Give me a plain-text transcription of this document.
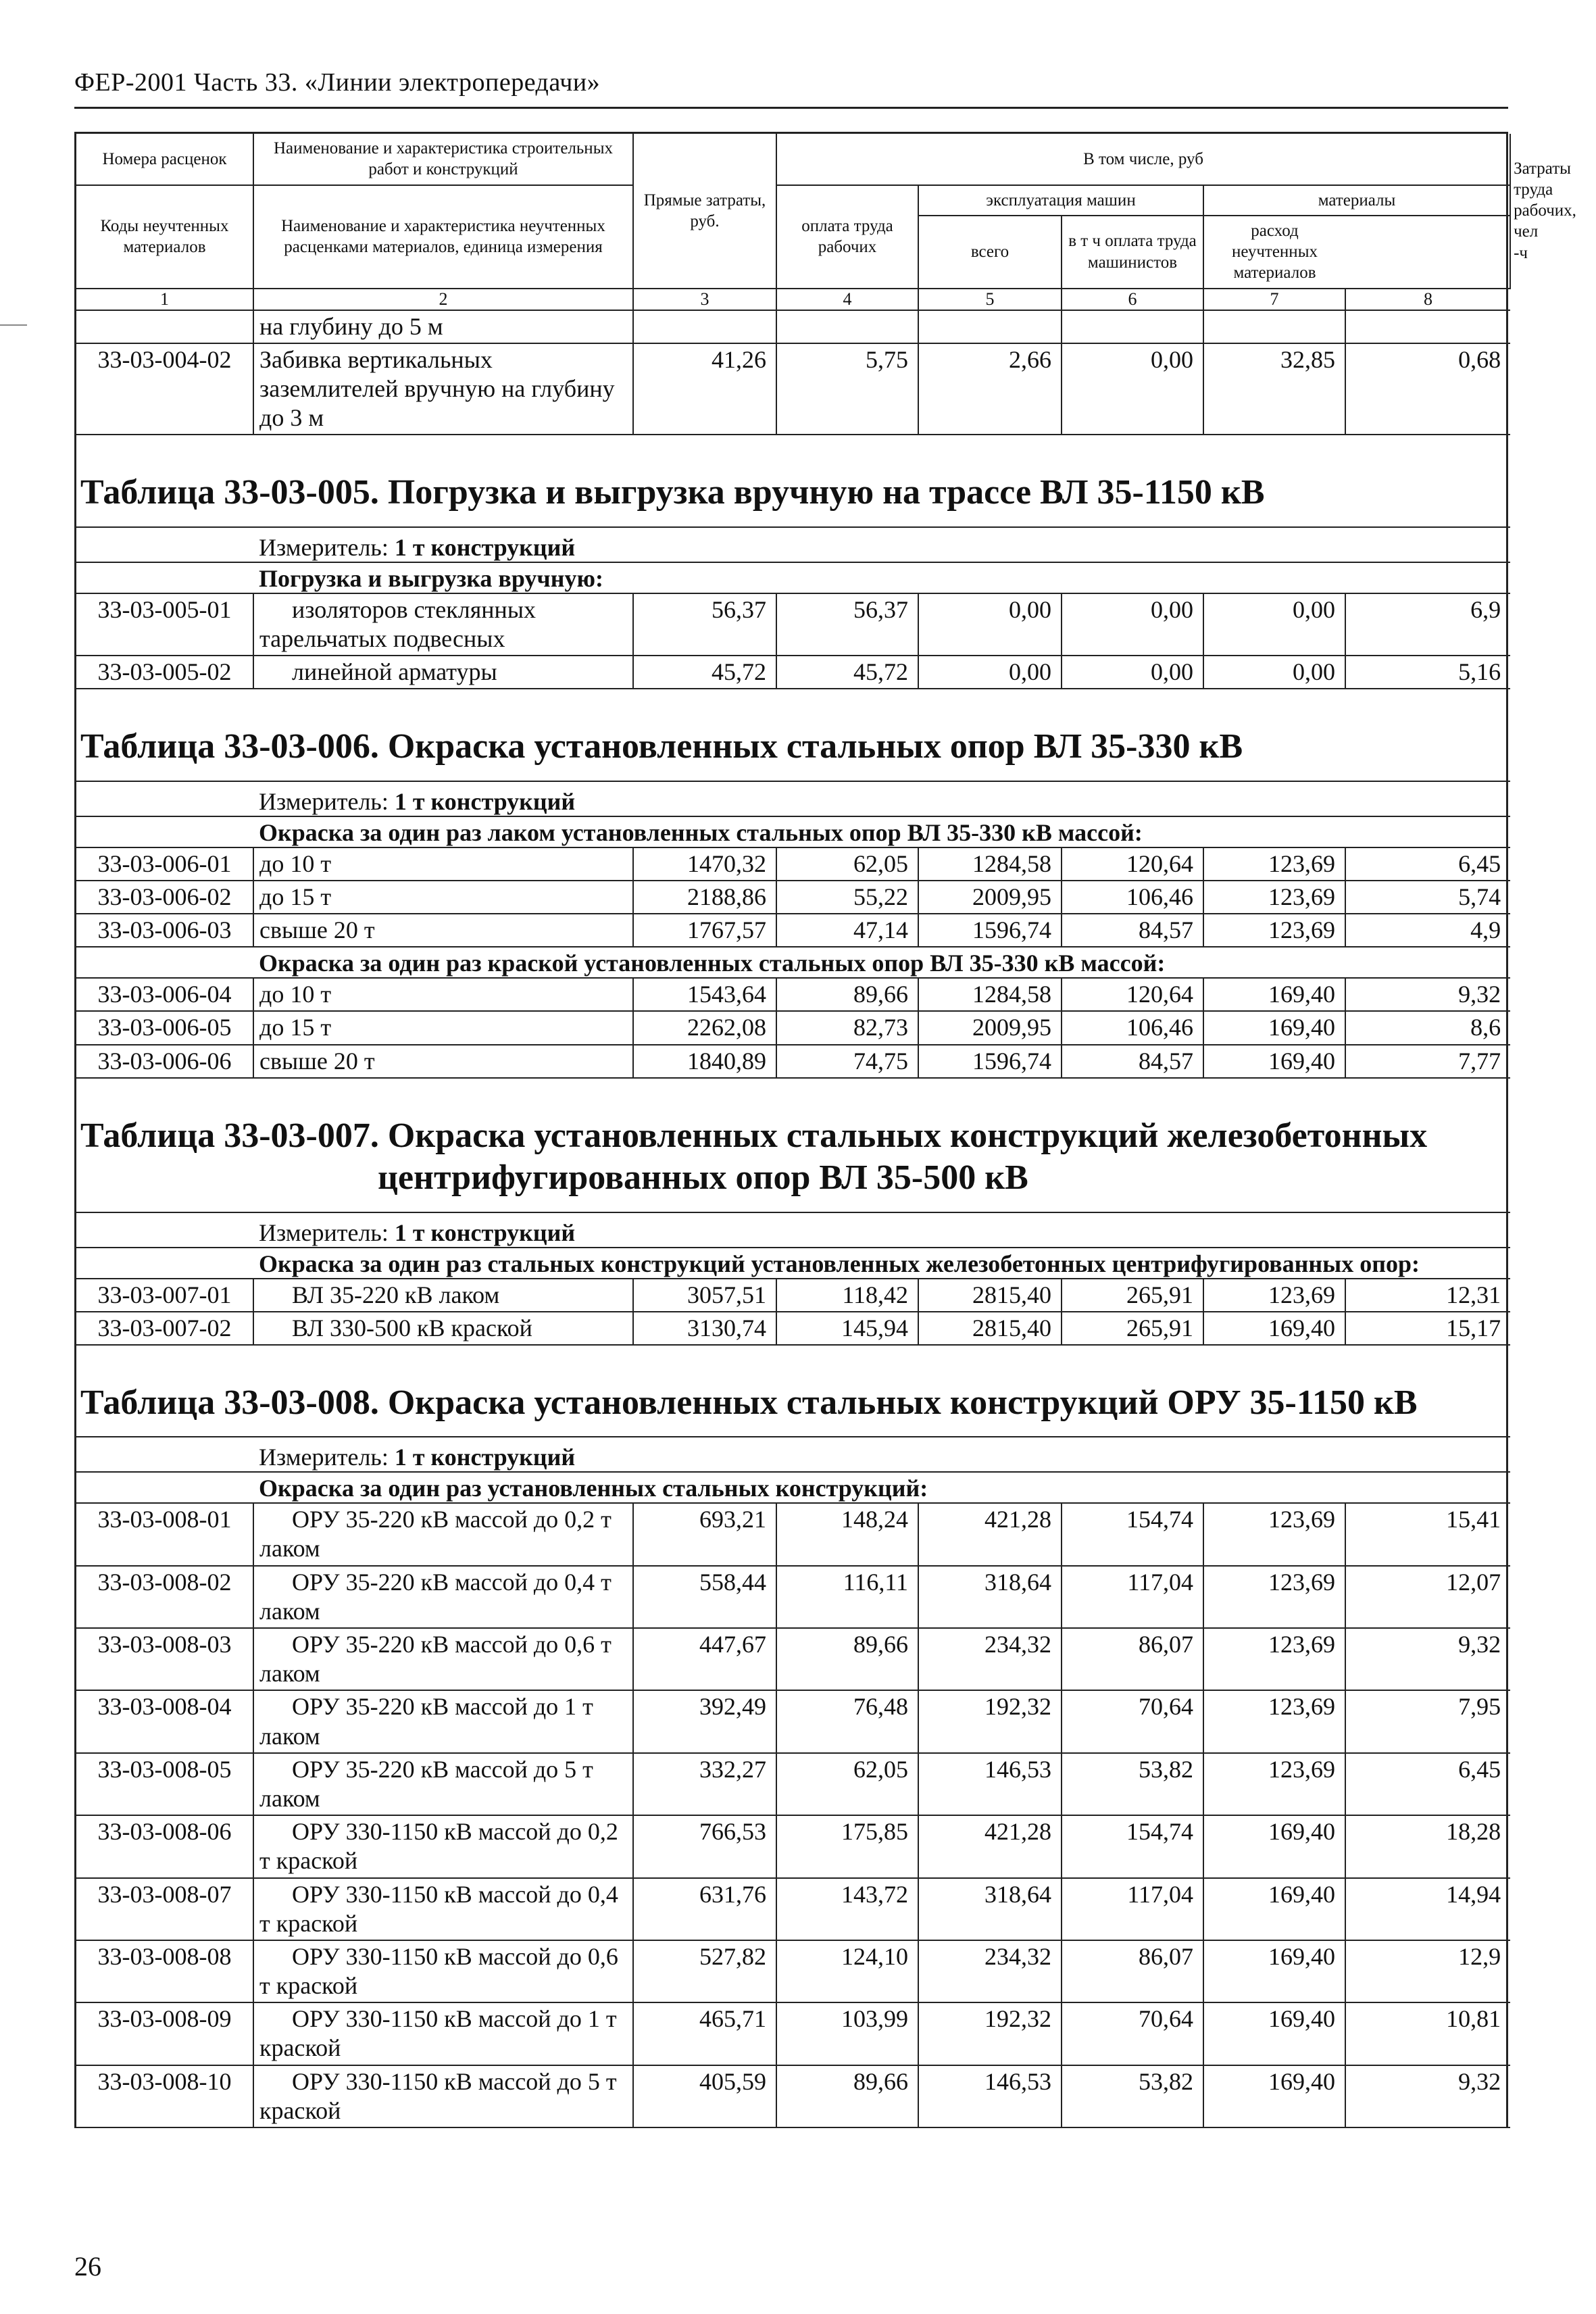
ФЕР-2001 Часть 33. «Линии электропередачи»
Номера расценок	Наименование и характеристика строительных работ и конструкций	Прямые затраты, руб.	В том числе, руб					Затраты труда рабочих, чел -ч
Коды неучтенных материалов	Наименование и характеристика неучтенных расценками материалов, единица измерения		оплата труда рабочих	эксплуатация машин		материалы		
				всего	в т ч оплата труда машинистов	расход неучтенных материалов		
1	2	3	4	5	6	7	8	
	на глубину до 5 м							
33-03-004-02	Забивка вертикальных заземлителей вручную на глубину до 3 м	41,26	5,75	2,66	0,00	32,85	0,68	
Таблица 33-03-005. Погрузка и выгрузка вручную на трассе ВЛ 35-1150 кВ								
Измеритель: 1 т конструкций								
Погрузка и выгрузка вручную:								
33-03-005-01	изоляторов стеклянных тарельчатых подвесных	56,37	56,37	0,00	0,00	0,00	6,9	
33-03-005-02	линейной арматуры	45,72	45,72	0,00	0,00	0,00	5,16	
Таблица 33-03-006. Окраска установленных стальных опор ВЛ 35-330 кВ								
Измеритель: 1 т конструкций								
Окраска за один раз лаком установленных стальных опор ВЛ 35-330 кВ массой:								
33-03-006-01	до 10 т	1470,32	62,05	1284,58	120,64	123,69	6,45	
33-03-006-02	до 15 т	2188,86	55,22	2009,95	106,46	123,69	5,74	
33-03-006-03	свыше 20 т	1767,57	47,14	1596,74	84,57	123,69	4,9	
Окраска за один раз краской установленных стальных опор ВЛ 35-330 кВ массой:								
33-03-006-04	до 10 т	1543,64	89,66	1284,58	120,64	169,40	9,32	
33-03-006-05	до 15 т	2262,08	82,73	2009,95	106,46	169,40	8,6	
33-03-006-06	свыше 20 т	1840,89	74,75	1596,74	84,57	169,40	7,77	
Таблица 33-03-007. Окраска установленных стальных конструкций железобетонных
центрифугированных опор ВЛ 35-500 кВ								

Измеритель: 1 т конструкций								
Окраска за один раз стальных конструкций установленных железобетонных центрифугированных опор:								
33-03-007-01	ВЛ 35-220 кВ лаком	3057,51	118,42	2815,40	265,91	123,69	12,31	
33-03-007-02	ВЛ 330-500 кВ краской	3130,74	145,94	2815,40	265,91	169,40	15,17	
Таблица 33-03-008. Окраска установленных стальных конструкций ОРУ 35-1150 кВ								
Измеритель: 1 т конструкций								
Окраска за один раз установленных стальных конструкций:								
33-03-008-01	ОРУ 35-220 кВ массой до 0,2 т лаком	693,21	148,24	421,28	154,74	123,69	15,41	
33-03-008-02	ОРУ 35-220 кВ массой до 0,4 т лаком	558,44	116,11	318,64	117,04	123,69	12,07	
33-03-008-03	ОРУ 35-220 кВ массой до 0,6 т лаком	447,67	89,66	234,32	86,07	123,69	9,32	
33-03-008-04	ОРУ 35-220 кВ массой до 1 т лаком	392,49	76,48	192,32	70,64	123,69	7,95	
33-03-008-05	ОРУ 35-220 кВ массой до 5 т лаком	332,27	62,05	146,53	53,82	123,69	6,45	
33-03-008-06	ОРУ 330-1150 кВ массой до 0,2 т краской	766,53	175,85	421,28	154,74	169,40	18,28	
33-03-008-07	ОРУ 330-1150 кВ массой до 0,4 т краской	631,76	143,72	318,64	117,04	169,40	14,94	
33-03-008-08	ОРУ 330-1150 кВ массой до 0,6 т краской	527,82	124,10	234,32	86,07	169,40	12,9	
33-03-008-09	ОРУ 330-1150 кВ массой до 1 т краской	465,71	103,99	192,32	70,64	169,40	10,81	
33-03-008-10	ОРУ 330-1150 кВ массой до 5 т краской	405,59	89,66	146,53	53,82	169,40	9,32	
26
